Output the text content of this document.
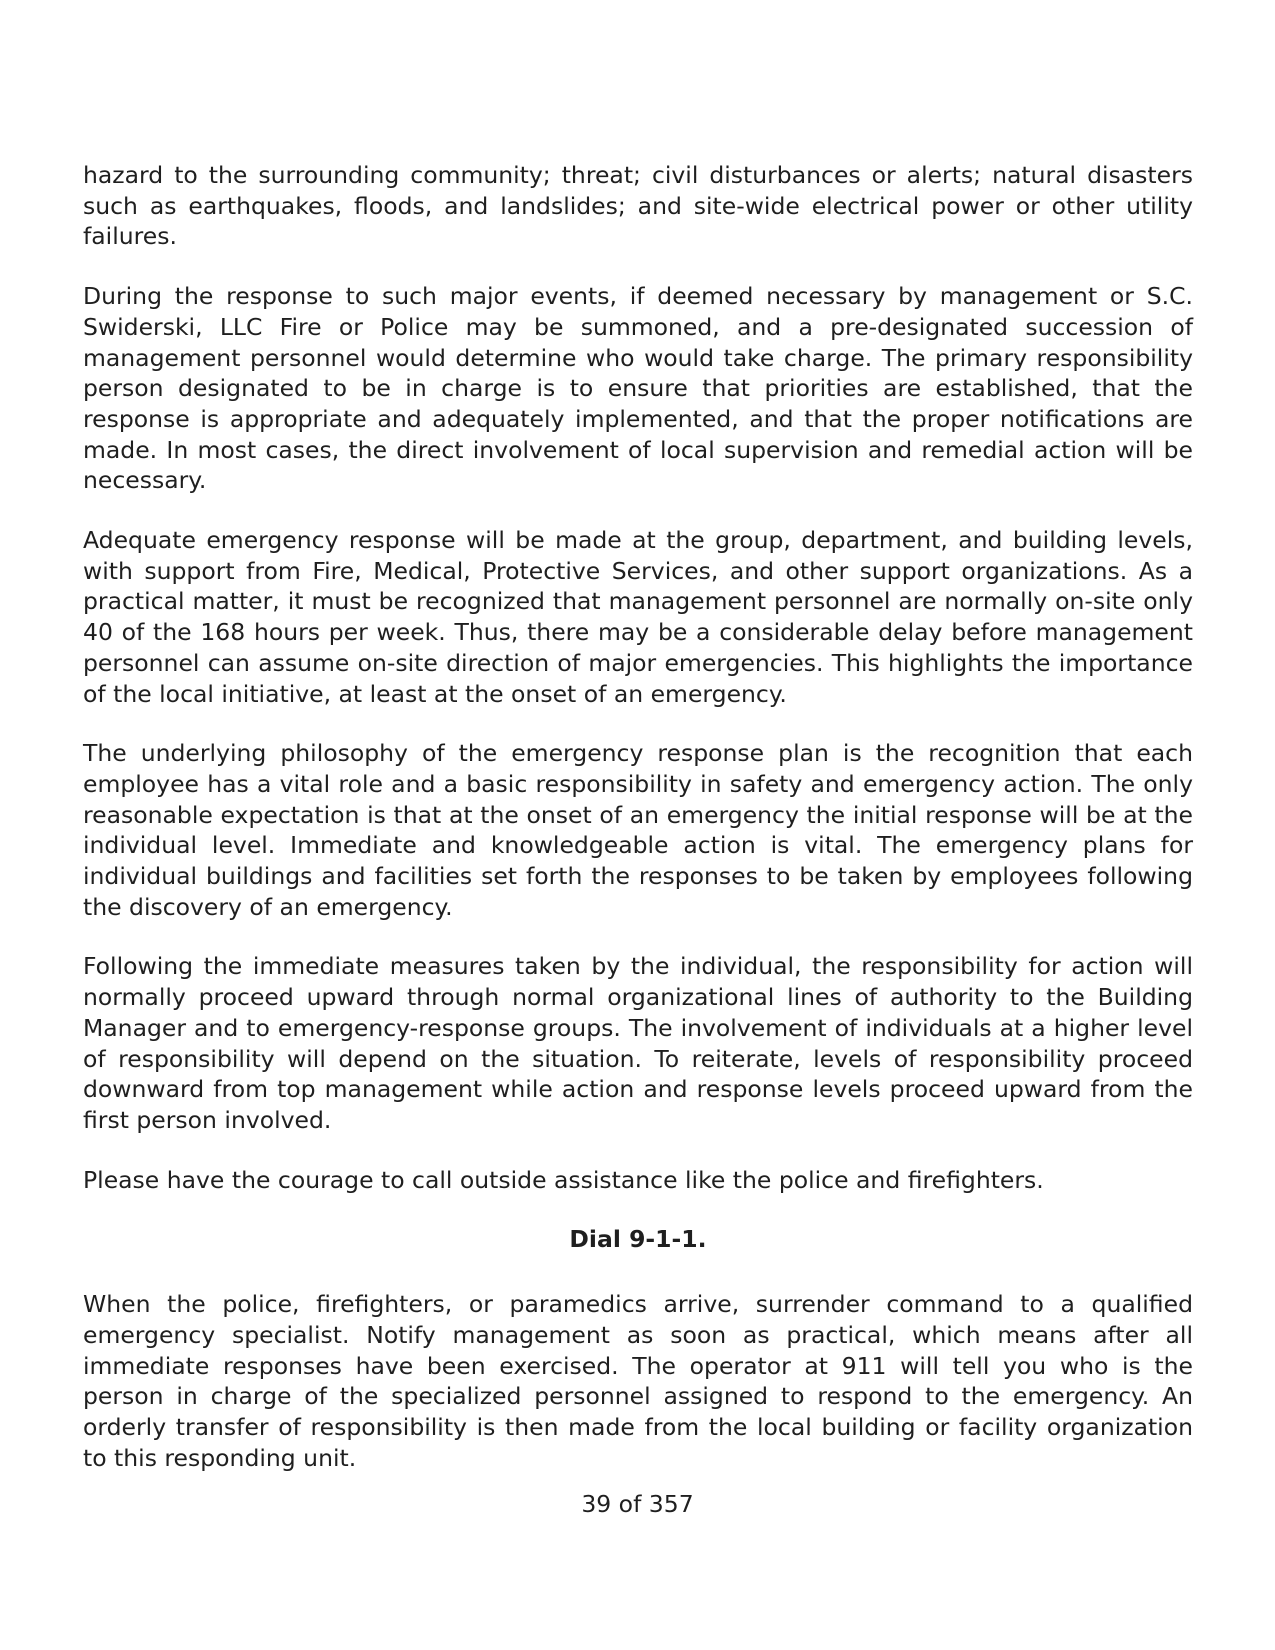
hazard to the surrounding community; threat; civil disturbances or alerts; natural disasters such as earthquakes, floods, and landslides; and site-wide electrical power or other utility failures.

During the response to such major events, if deemed necessary by management or S.C. Swiderski, LLC Fire or Police may be summoned, and a pre-designated succession of management personnel would determine who would take charge. The primary responsibility person designated to be in charge is to ensure that priorities are established, that the response is appropriate and adequately implemented, and that the proper notifications are made. In most cases, the direct involvement of local supervision and remedial action will be necessary.

Adequate emergency response will be made at the group, department, and building levels, with support from Fire, Medical, Protective Services, and other support organizations. As a practical matter, it must be recognized that management personnel are normally on-site only 40 of the 168 hours per week. Thus, there may be a considerable delay before management personnel can assume on-site direction of major emergencies. This highlights the importance of the local initiative, at least at the onset of an emergency.

The underlying philosophy of the emergency response plan is the recognition that each employee has a vital role and a basic responsibility in safety and emergency action. The only reasonable expectation is that at the onset of an emergency the initial response will be at the individual level. Immediate and knowledgeable action is vital. The emergency plans for individual buildings and facilities set forth the responses to be taken by employees following the discovery of an emergency.

Following the immediate measures taken by the individual, the responsibility for action will normally proceed upward through normal organizational lines of authority to the Building Manager and to emergency-response groups. The involvement of individuals at a higher level of responsibility will depend on the situation. To reiterate, levels of responsibility proceed downward from top management while action and response levels proceed upward from the first person involved.

Please have the courage to call outside assistance like the police and firefighters.

Dial 9-1-1.

When the police, firefighters, or paramedics arrive, surrender command to a qualified emergency specialist. Notify management as soon as practical, which means after all immediate responses have been exercised. The operator at 911 will tell you who is the person in charge of the specialized personnel assigned to respond to the emergency. An orderly transfer of responsibility is then made from the local building or facility organization to this responding unit.

39 of 357
